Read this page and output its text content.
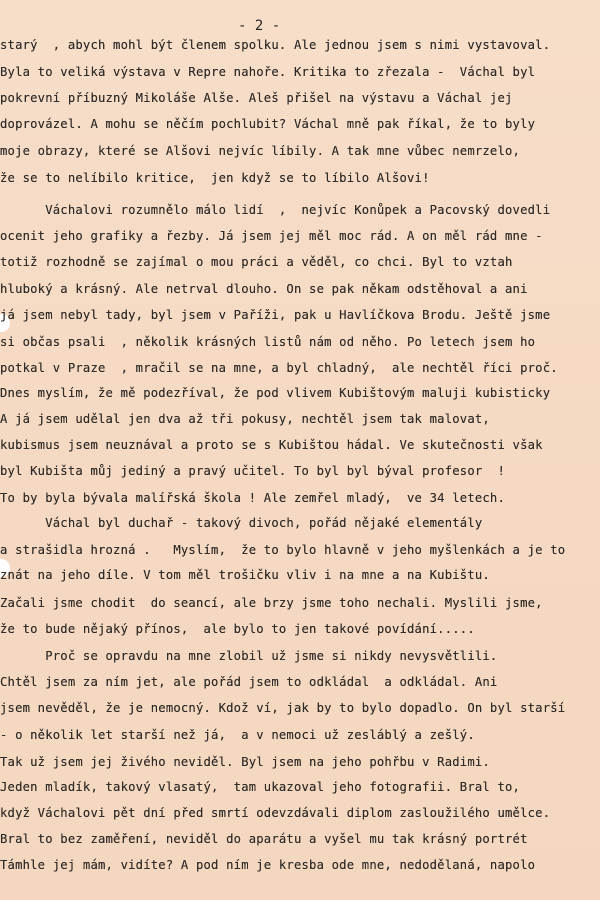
- 2 -
starý  , abych mohl být členem spolku. Ale jednou jsem s nimi vystavoval.
Byla to veliká výstava v Repre nahoře. Kritika to zřezala -  Váchal byl
pokrevní příbuzný Mikoláše Alše. Aleš přišel na výstavu a Váchal jej
doprovázel. A mohu se něčím pochlubit? Váchal mně pak říkal, že to byly
moje obrazy, které se Alšovi nejvíc líbily. A tak mne vůbec nemrzelo,
že se to nelíbilo kritice,  jen když se to líbilo Alšovi!
Váchalovi rozumnělo málo lidí  ,  nejvíc Konůpek a Pacovský dovedli
ocenit jeho grafiky a řezby. Já jsem jej měl moc rád. A on měl rád mne -
totiž rozhodně se zajímal o mou práci a věděl, co chci. Byl to vztah
hluboký a krásný. Ale netrval dlouho. On se pak někam odstěhoval a ani
já jsem nebyl tady, byl jsem v Paříži, pak u Havlíčkova Brodu. Ještě jsme
si občas psali  , několik krásných listů nám od něho. Po letech jsem ho
potkal v Praze  , mračil se na mne, a byl chladný,  ale nechtěl říci proč.
Dnes myslím, že mě podezříval, že pod vlivem Kubištovým maluji kubisticky
A já jsem udělal jen dva až tři pokusy, nechtěl jsem tak malovat,
kubismus jsem neuznával a proto se s Kubištou hádal. Ve skutečnosti však
byl Kubišta můj jediný a pravý učitel. To byl byl býval profesor  !
To by byla bývala malířská škola ! Ale zemřel mladý,  ve 34 letech.
Váchal byl duchař - takový divoch, pořád nějaké elementály
a strašidla hrozná .   Myslím,  že to bylo hlavně v jeho myšlenkách a je to
znát na jeho díle. V tom měl trošičku vliv i na mne a na Kubištu.
Začali jsme chodit  do seancí, ale brzy jsme toho nechali. Myslili jsme,
že to bude nějaký přínos,  ale bylo to jen takové povídání.....
Proč se opravdu na mne zlobil už jsme si nikdy nevysvětlili.
Chtěl jsem za ním jet, ale pořád jsem to odkládal  a odkládal. Ani
jsem nevěděl, že je nemocný. Kdož ví, jak by to bylo dopadlo. On byl starší
- o několik let starší než já,  a v nemoci už zesláblý a zešlý.
Tak už jsem jej živého neviděl. Byl jsem na jeho pohřbu v Radimi.
Jeden mladík, takový vlasatý,  tam ukazoval jeho fotografii. Bral to,
když Váchalovi pět dní před smrtí odevzdávali diplom zasloužilého umělce.
Bral to bez zaměření, neviděl do aparátu a vyšel mu tak krásný portrét
Támhle jej mám, vidíte? A pod ním je kresba ode mne, nedodělaná, napolo
